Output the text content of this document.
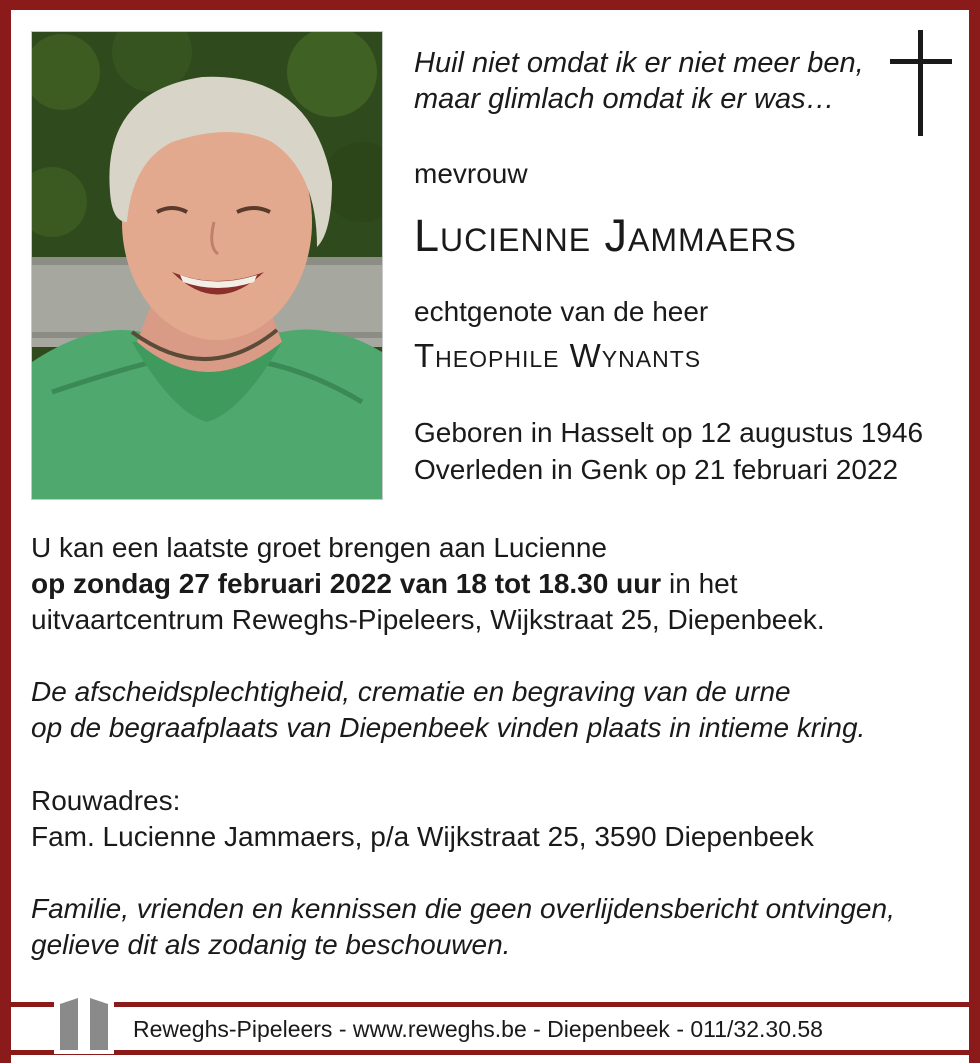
Huil niet omdat ik er niet meer ben,
maar glimlach omdat ik er was…
mevrouw
Lucienne Jammaers
echtgenote van de heer
Theophile Wynants
Geboren in Hasselt op 12 augustus 1946
Overleden in Genk op 21 februari 2022
U kan een laatste groet brengen aan Lucienne
op zondag 27 februari 2022 van 18 tot 18.30 uur in het
uitvaartcentrum Reweghs-Pipeleers, Wijkstraat 25, Diepenbeek.
De afscheidsplechtigheid, crematie en begraving van de urne
op de begraafplaats van Diepenbeek vinden plaats in intieme kring.
Rouwadres:
Fam. Lucienne Jammaers, p/a Wijkstraat 25, 3590 Diepenbeek
Familie, vrienden en kennissen die geen overlijdensbericht ontvingen,
gelieve dit als zodanig te beschouwen.
Reweghs-Pipeleers - www.reweghs.be - Diepenbeek - 011/32.30.58
